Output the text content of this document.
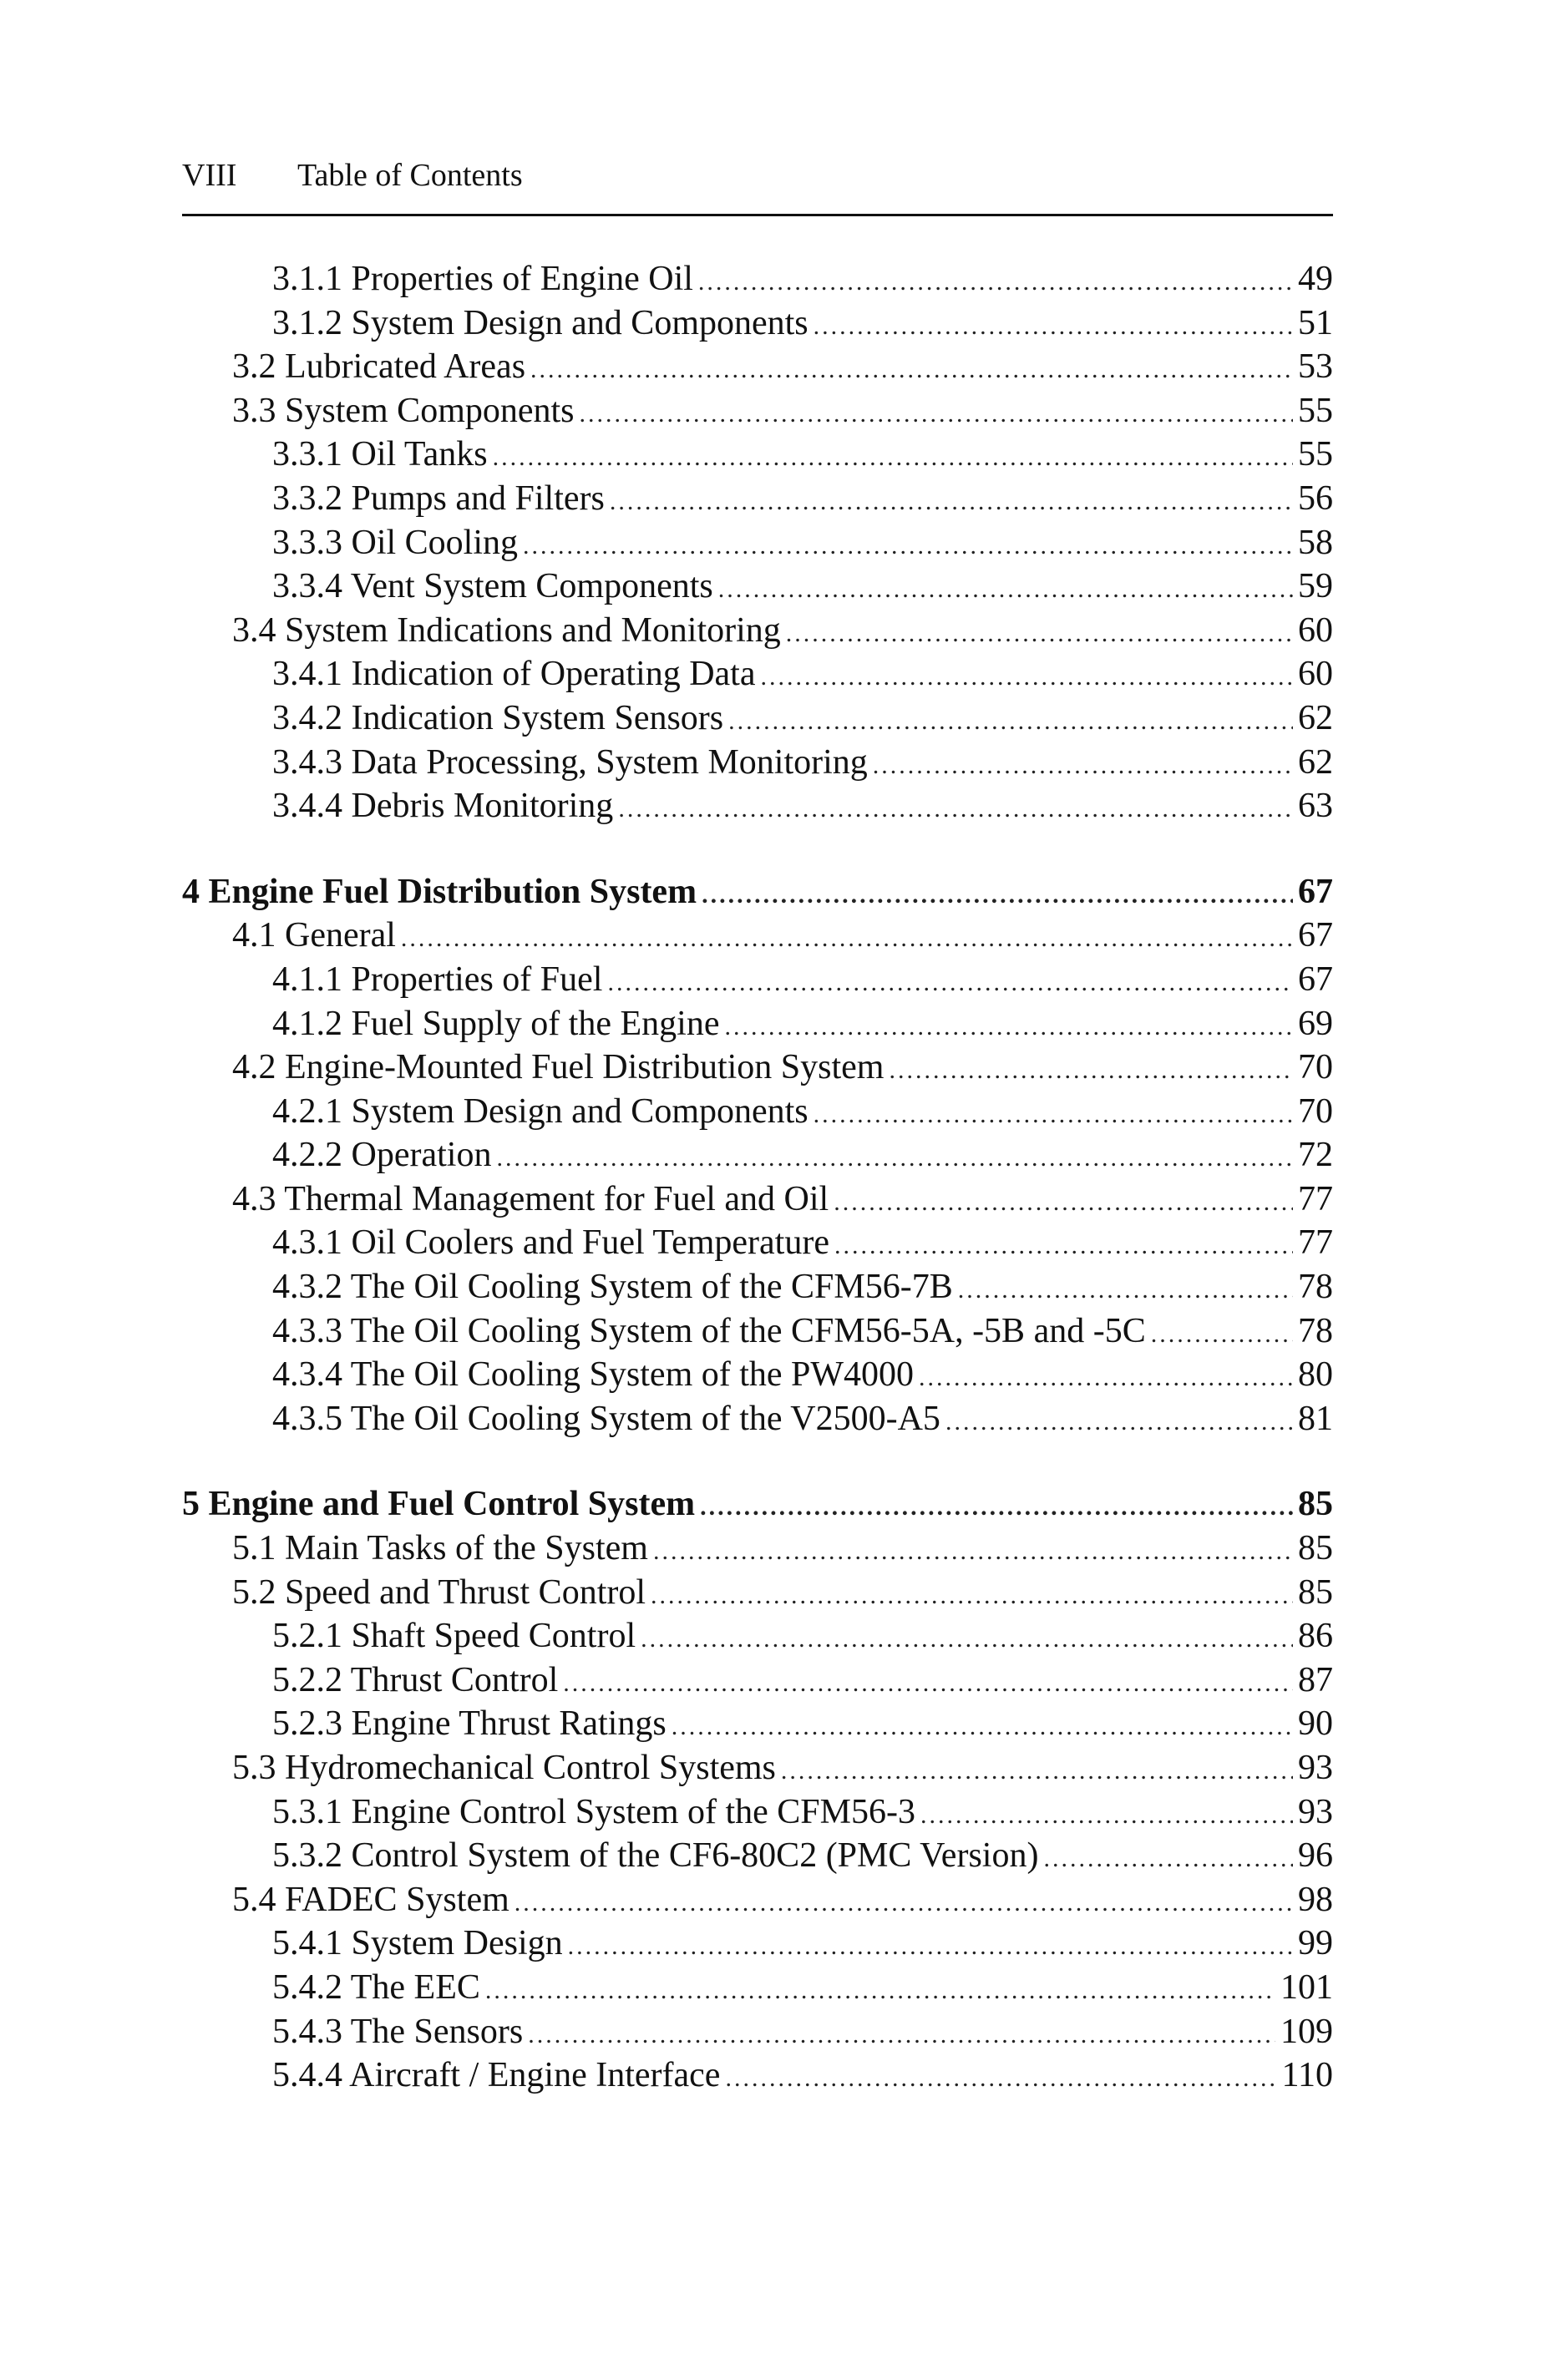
VIII Table of Contents
3.1.1 Properties of Engine Oil .....	49
3.1.2 System Design and Components .....	51
3.2 Lubricated Areas .....	53
3.3 System Components .....	55
3.3.1 Oil Tanks .....	55
3.3.2 Pumps and Filters .....	56
3.3.3 Oil Cooling .....	58
3.3.4 Vent System Components .....	59
3.4 System Indications and Monitoring .....	60
3.4.1 Indication of Operating Data .....	60
3.4.2 Indication System Sensors .....	62
3.4.3 Data Processing, System Monitoring .....	62
3.4.4 Debris Monitoring .....	63
4 Engine Fuel Distribution System .....	67
4.1 General .....	67
4.1.1 Properties of Fuel .....	67
4.1.2 Fuel Supply of the Engine .....	69
4.2 Engine-Mounted Fuel Distribution System .....	70
4.2.1 System Design and Components .....	70
4.2.2 Operation .....	72
4.3 Thermal Management for Fuel and Oil .....	77
4.3.1 Oil Coolers and Fuel Temperature .....	77
4.3.2 The Oil Cooling System of the CFM56-7B .....	78
4.3.3 The Oil Cooling System of the CFM56-5A, -5B and -5C .....	78
4.3.4 The Oil Cooling System of the PW4000 .....	80
4.3.5 The Oil Cooling System of the V2500-A5 .....	81
5 Engine and Fuel Control System .....	85
5.1 Main Tasks of the System .....	85
5.2 Speed and Thrust Control .....	85
5.2.1 Shaft Speed Control .....	86
5.2.2 Thrust Control .....	87
5.2.3 Engine Thrust Ratings .....	90
5.3 Hydromechanical Control Systems .....	93
5.3.1 Engine Control System of the CFM56-3 .....	93
5.3.2 Control System of the CF6-80C2 (PMC Version) .....	96
5.4 FADEC System .....	98
5.4.1 System Design .....	99
5.4.2 The EEC .....	101
5.4.3 The Sensors .....	109
5.4.4 Aircraft / Engine Interface .....	110
